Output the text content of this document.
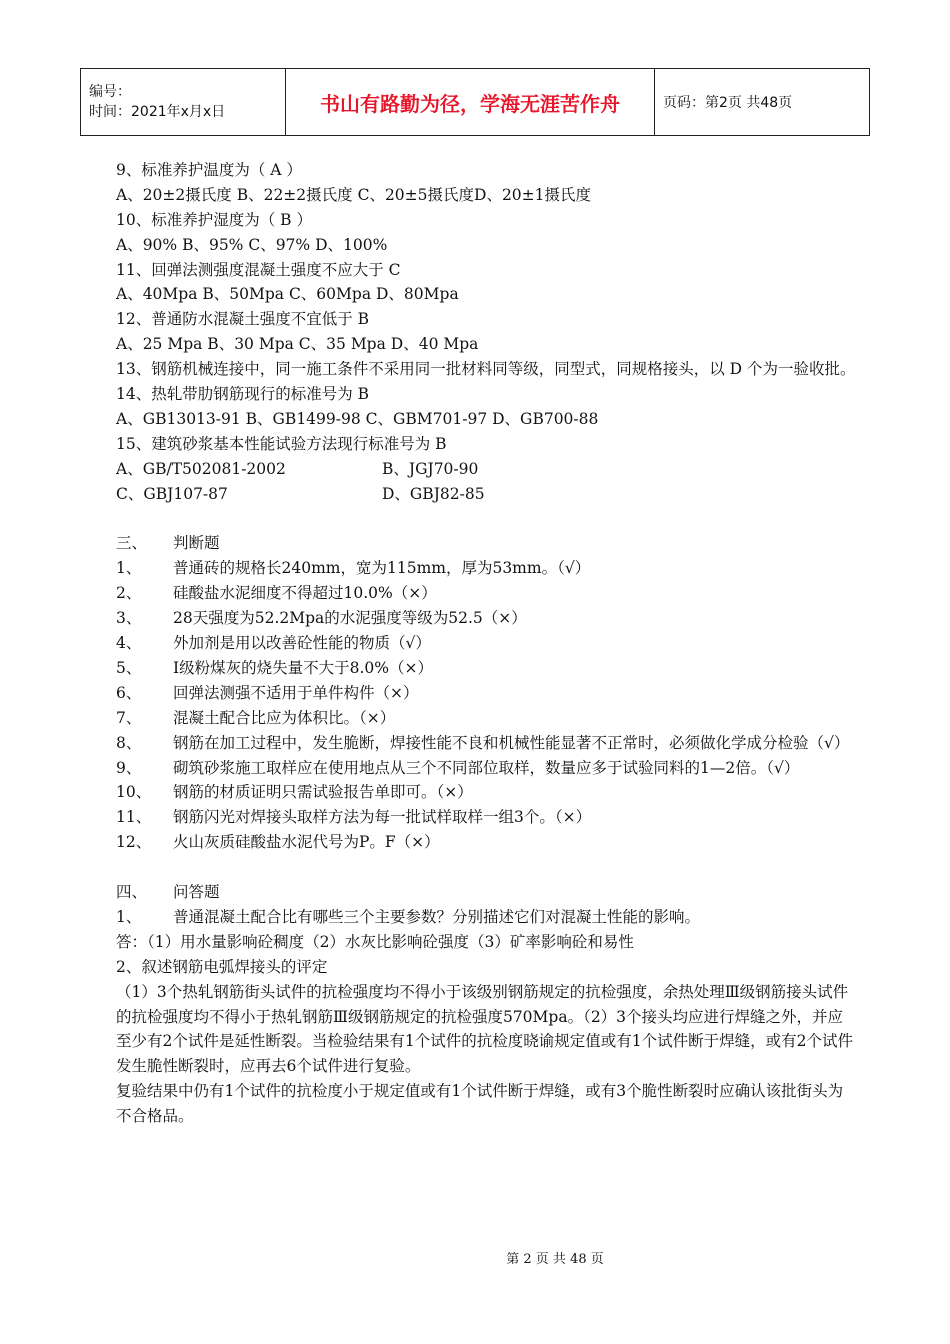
编号：
时间：2021年x月x日	书山有路勤为径，学海无涯苦作舟	页码：第2页 共48页
9、标准养护温度为（ A ）
A、20±2摄氏度 B、22±2摄氏度 C、20±5摄氏度D、20±1摄氏度
10、标准养护湿度为（ B ）
A、90% B、95% C、97% D、100%
11、回弹法测强度混凝土强度不应大于 C
A、40Mpa B、50Mpa C、60Mpa D、80Mpa
12、普通防水混凝土强度不宜低于 B
A、25 Mpa B、30 Mpa C、35 Mpa D、40 Mpa
13、钢筋机械连接中，同一施工条件不采用同一批材料同等级，同型式，同规格接头，以 D 个为一验收批。
14、热轧带肋钢筋现行的标准号为 B
A、GB13013-91 B、GB1499-98 C、GBM701-97 D、GB700-88
15、建筑砂浆基本性能试验方法现行标准号为 B
A、GB/T502081-2002	B、JGJ70-90
C、GBJ107-87	D、GBJ82-85
三、 判断题
1、 普通砖的规格长240mm，宽为115mm，厚为53mm。（√）
2、 硅酸盐水泥细度不得超过10.0%（×）
3、 28天强度为52.2Mpa的水泥强度等级为52.5（×）
4、 外加剂是用以改善砼性能的物质（√）
5、Ⅰ级粉煤灰的烧失量不大于8.0%（×）
6、 回弹法测强不适用于单件构件（×）
7、 混凝土配合比应为体积比。（×）
8、 钢筋在加工过程中，发生脆断，焊接性能不良和机械性能显著不正常时，必须做化学成分检验（√）
9、 砌筑砂浆施工取样应在使用地点从三个不同部位取样，数量应多于试验同料的1—2倍。（√）
10、 钢筋的材质证明只需试验报告单即可。（×）
11、 钢筋闪光对焊接头取样方法为每一批试样取样一组3个。（×）
12、 火山灰质硅酸盐水泥代号为P。F（×）
四、 问答题
1、 普通混凝土配合比有哪些三个主要参数？分别描述它们对混凝土性能的影响。
答：（1）用水量影响砼稠度（2）水灰比影响砼强度（3）矿率影响砼和易性
2、叙述钢筋电弧焊接头的评定
（1）3个热轧钢筋街头试件的抗检强度均不得小于该级别钢筋规定的抗检强度，余热处理Ⅲ级钢筋接头试件的抗检强度均不得小于热轧钢筋Ⅲ级钢筋规定的抗检强度570Mpa。（2）3个接头均应进行焊缝之外，并应至少有2个试件是延性断裂。当检验结果有1个试件的抗检度晓谕规定值或有1个试件断于焊缝，或有2个试件发生脆性断裂时，应再去6个试件进行复验。
复验结果中仍有1个试件的抗检度小于规定值或有1个试件断于焊缝，或有3个脆性断裂时应确认该批街头为不合格品。
第 2 页 共 48 页
